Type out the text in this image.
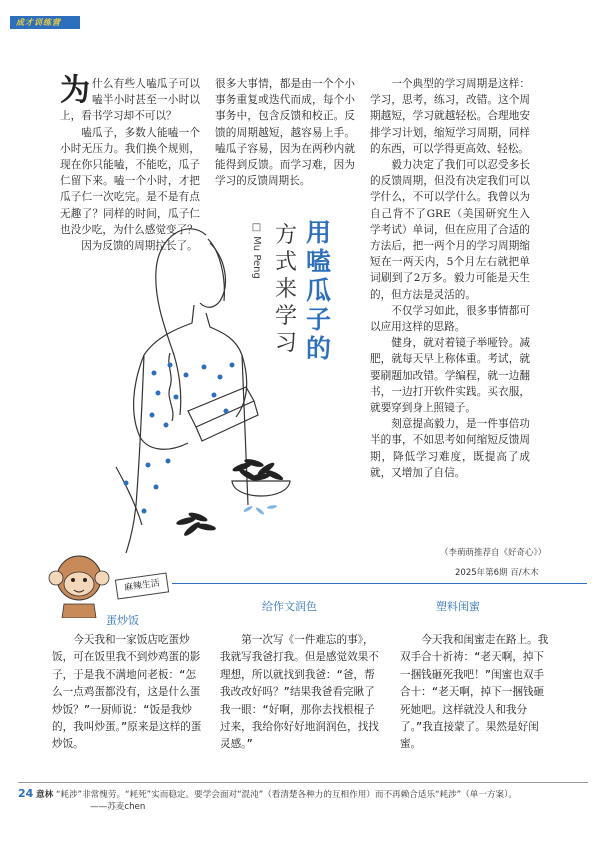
成才训练营

为什么有些人嗑瓜子可以嗑半小时甚至一小时以上，看书学习却不可以？

嗑瓜子，多数人能嗑一个小时无压力。我们换个规则，现在你只能嗑，不能吃，瓜子仁留下来。嗑一个小时，才把瓜子仁一次吃完。是不是有点无趣了？同样的时间，瓜子仁也没少吃，为什么感觉变了？

因为反馈的周期拉长了。

很多大事情，都是由一个个小事务重复或迭代而成，每个小事务中，包含反馈和校正。反馈的周期越短，越容易上手。嗑瓜子容易，因为在两秒内就能得到反馈。而学习难，因为学习的反馈周期长。

用嗑瓜子的
方式来学习
□ Mu Peng

一个典型的学习周期是这样：学习，思考，练习，改错。这个周期越短，学习就越轻松。合理地安排学习计划，缩短学习周期，同样的东西，可以学得更高效、轻松。

毅力决定了我们可以忍受多长的反馈周期，但没有决定我们可以学什么，不可以学什么。我曾以为自己背不了GRE（美国研究生入学考试）单词，但在应用了合适的方法后，把一两个月的学习周期缩短在一两天内，5个月左右就把单词刷到了2万多。毅力可能是天生的，但方法是灵活的。

不仅学习如此，很多事情都可以应用这样的思路。

健身，就对着镜子举哑铃。减肥，就每天早上称体重。考试，就要刷题加改错。学编程，就一边翻书，一边打开软件实践。买衣服，就要穿到身上照镜子。

刻意提高毅力，是一件事倍功半的事，不如思考如何缩短反馈周期，降低学习难度，既提高了成就，又增加了自信。

（李萌萌推荐自《好奇心》）
2025年第6期 百/木木
麻辣生活
蛋炒饭
给作文润色	塑料闺蜜

今天我和一家饭店吃蛋炒饭，可在饭里我不到炒鸡蛋的影子，于是我不满地问老板：“怎么一点鸡蛋都没有，这是什么蛋炒饭？”一厨师说：“饭是我炒的，我叫炒蛋。”原来是这样的蛋炒饭。

第一次写《一件难忘的事》，我就写我爸打我。但是感觉效果不理想，所以就找到我爸：“爸，帮我改改好吗？”结果我爸看完瞅了我一眼：“好啊，那你去找根棍子过来，我给你好好地润润色，找找灵感。”

今天我和闺蜜走在路上。我双手合十祈祷：“老天啊，掉下一捆钱砸死我吧！”闺蜜也双手合十：“老天啊，掉下一捆钱砸死她吧。这样就没人和我分了。”我直接蒙了。果然是好闺蜜。

24 意林 “耗涉”非常愧劳。“耗死”实而稳定。要学会面对“混沌”（看清楚各种力的互相作用）而不再赖合适乐“耗涉”（单一方案）。
——苏麦chen
